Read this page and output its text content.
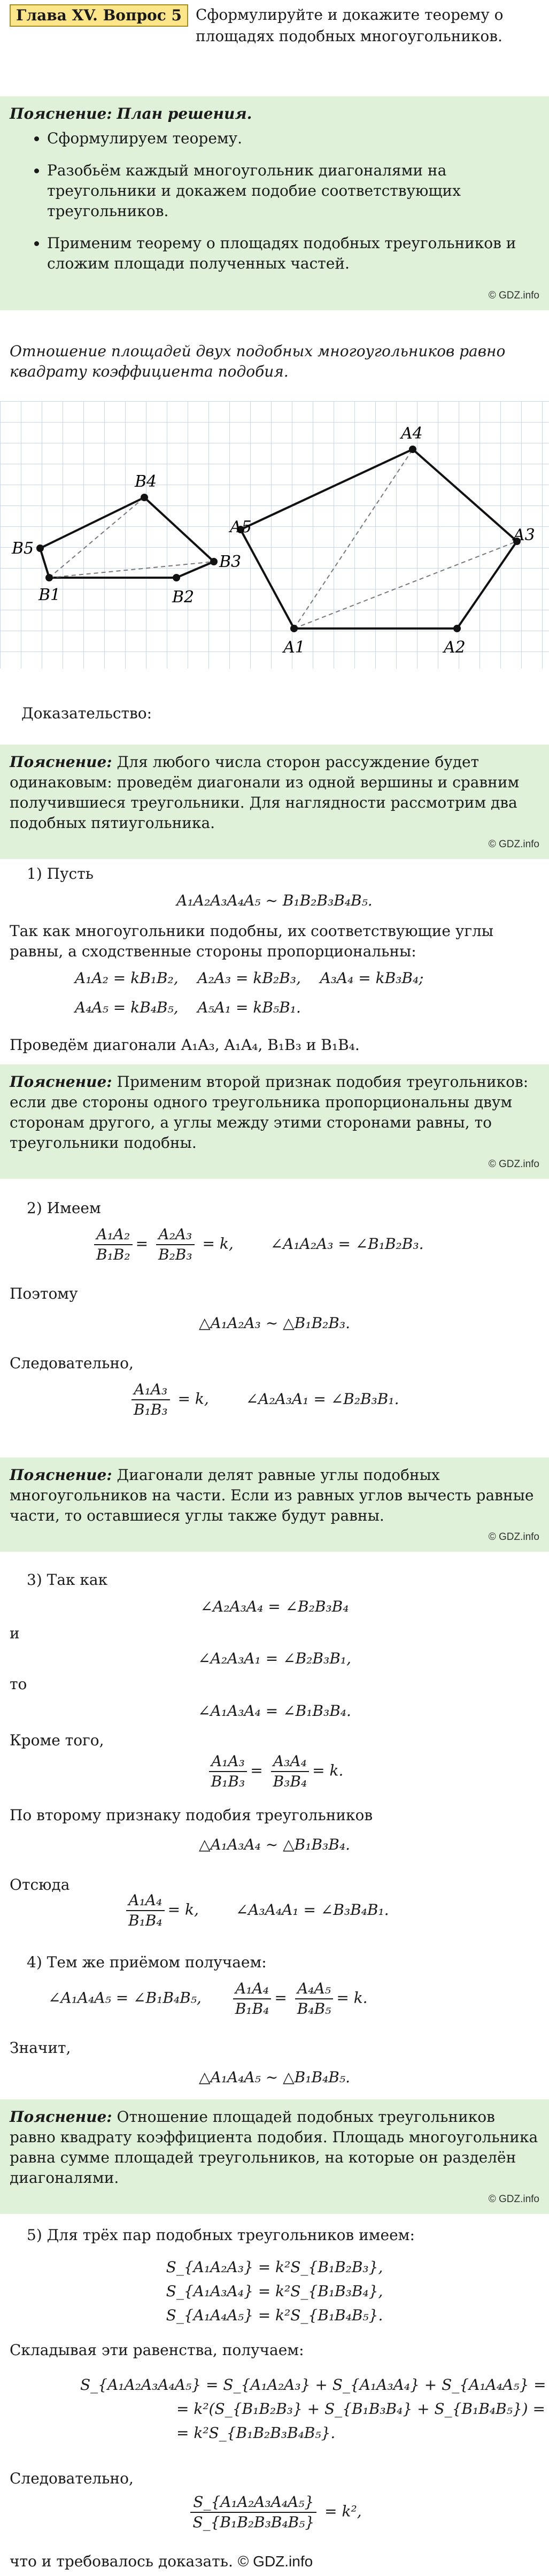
Глава XV. Вопрос 5 Сформулируйте и докажите теорему о площадях подобных многоугольников.

Пояснение: План решения.

• Сформулируем теорему.
• Разобьём каждый многоугольник диагоналями на треугольники и докажем подобие соответствующих треугольников.
• Применим теорему о площадях подобных треугольников и сложим площади полученных частей.
© GDZ.info

Отношение площадей двух подобных многоугольников равно квадрату коэффициента подобия.

B1	B2
B3
B4
B5
A1	A2
A3
A4
A5

Доказательство:

Пояснение: Для любого числа сторон рассуждение будет одинаковым: проведём диагонали из одной вершины и сравним получившиеся треугольники. Для наглядности рассмотрим два подобных пятиугольника.

© GDZ.info

1) Пусть

A₁A₂A₃A₄A₅ ~ B₁B₂B₃B₄B₅.

Так как многоугольники подобны, их соответствующие углы равны, а сходственные стороны пропорциональны:

A₁A₂ = kB₁B₂,    A₂A₃ = kB₂B₃,    A₃A₄ = kB₃B₄;

A₄A₅ = kB₄B₅,    A₅A₁ = kB₅B₁.

Проведём диагонали A₁A₃, A₁A₄, B₁B₃ и B₁B₄.

Пояснение: Применим второй признак подобия треугольников: если две стороны одного треугольника пропорциональны двум сторонам другого, а углы между этими сторонами равны, то треугольники подобны.

© GDZ.info

2) Имеем

$\frac{\text{A₁A₂}}{\text{B₁B₂}} = \frac{\text{A₂A₃}}{\text{B₂B₃}} = k$, ∠A₁A₂A₃ = ∠B₁B₂B₃.

Поэтому

△A₁A₂A₃ ~ △B₁B₂B₃.

Следовательно,

$\frac{\text{A₁A₃}}{\text{B₁B₃}} = k$, ∠A₂A₃A₁ = ∠B₂B₃B₁.

Пояснение: Диагонали делят равные углы подобных многоугольников на части. Если из равных углов вычесть равные части, то оставшиеся углы также будут равны.

© GDZ.info

3) Так как

∠A₂A₃A₄ = ∠B₂B₃B₄

и

∠A₂A₃A₁ = ∠B₂B₃B₁,

то

∠A₁A₃A₄ = ∠B₁B₃B₄.

Кроме того,

$\frac{\text{A₁A₃}}{\text{B₁B₃}} = \frac{\text{A₃A₄}}{\text{B₃B₄}} = k$.

По второму признаку подобия треугольников

△A₁A₃A₄ ~ △B₁B₃B₄.

Отсюда

$\frac{\text{A₁A₄}}{\text{B₁B₄}} = k$, ∠A₃A₄A₁ = ∠B₃B₄B₁.

4) Тем же приёмом получаем:

∠A₁A₄A₅ = ∠B₁B₄B₅, $\frac{\text{A₁A₄}}{\text{B₁B₄}} = \frac{\text{A₄A₅}}{\text{B₄B₅}} = k$.

Значит,

△A₁A₄A₅ ~ △B₁B₄B₅.

Пояснение: Отношение площадей подобных треугольников равно квадрату коэффициента подобия. Площадь многоугольника равна сумме площадей треугольников, на которые он разделён диагоналями.

© GDZ.info

5) Для трёх пар подобных треугольников имеем:

S_{A₁A₂A₃} = k²S_{B₁B₂B₃},

S_{A₁A₃A₄} = k²S_{B₁B₃B₄},

S_{A₁A₄A₅} = k²S_{B₁B₄B₅}.

Складывая эти равенства, получаем:

S_{A₁A₂A₃A₄A₅} = S_{A₁A₂A₃} + S_{A₁A₃A₄} + S_{A₁A₄A₅} =

= k²(S_{B₁B₂B₃} + S_{B₁B₃B₄} + S_{B₁B₄B₅}) =

= k²S_{B₁B₂B₃B₄B₅}.

Следовательно,

$\frac{\text{S\_\{A₁A₂A₃A₄A₅\}}}{\text{S\_\{B₁B₂B₃B₄B₅\}}} = k^2$,

что и требовалось доказать. © GDZ.info
